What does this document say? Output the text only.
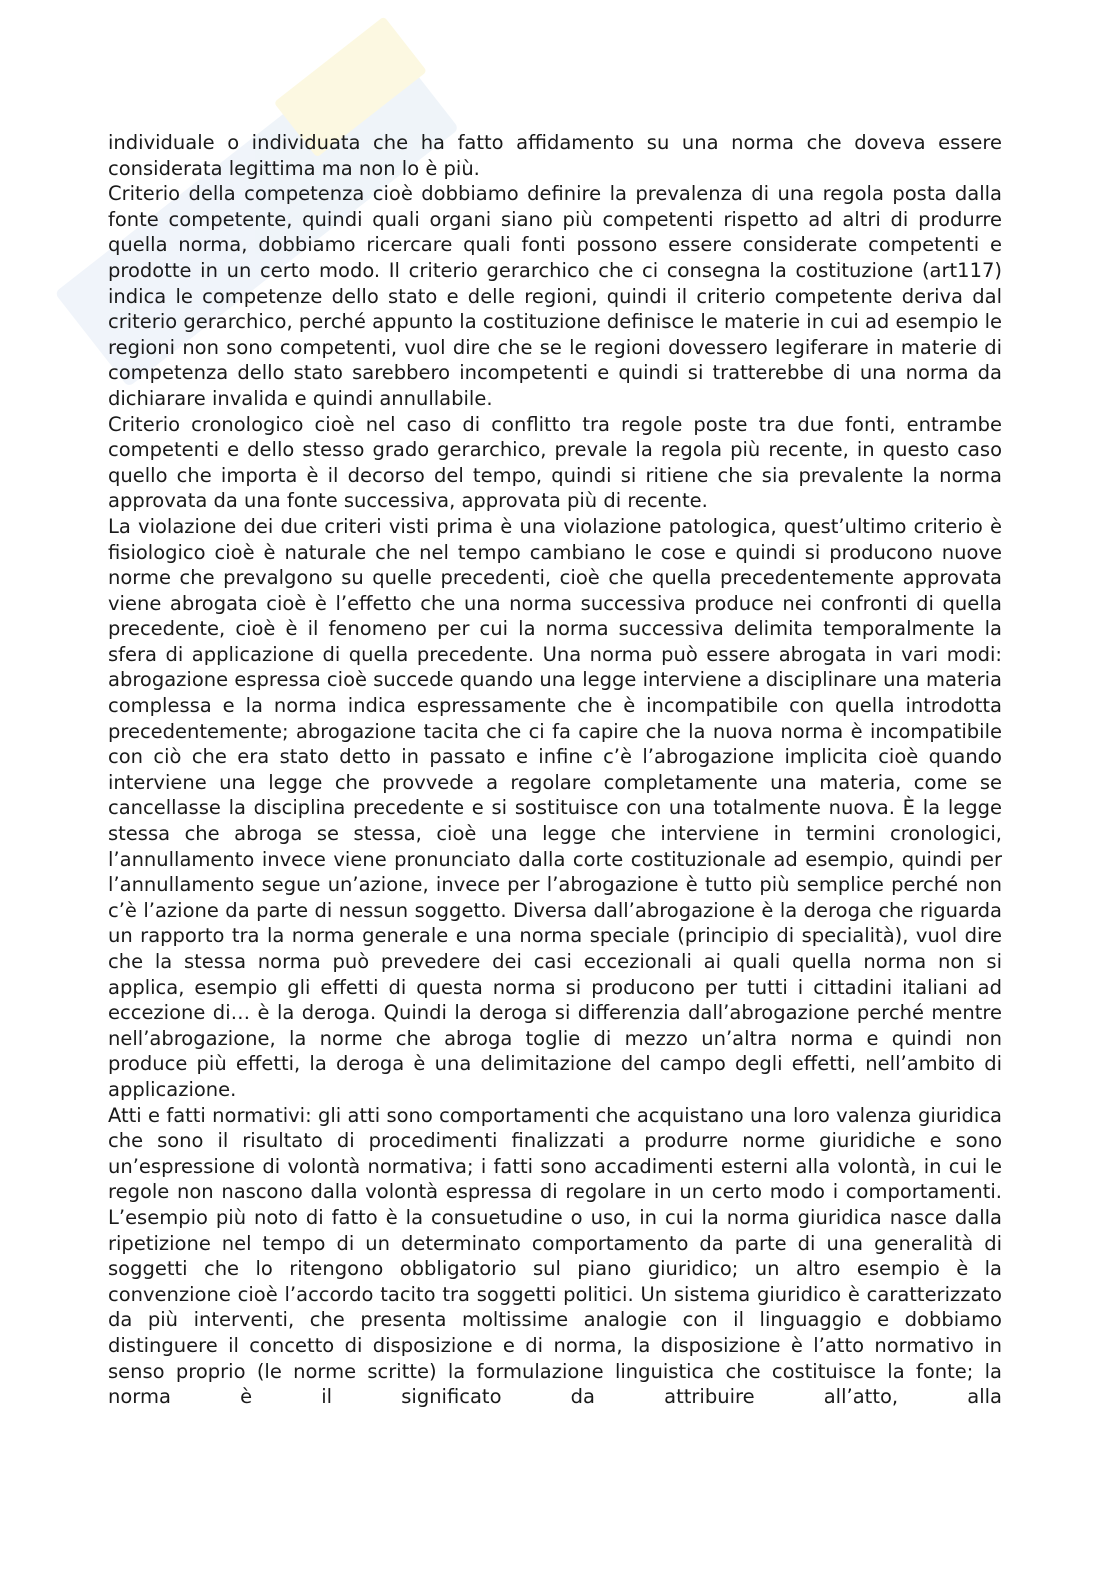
individuale o individuata che ha fatto affidamento su una norma che doveva essere considerata legittima ma non lo è più.

Criterio della competenza cioè dobbiamo definire la prevalenza di una regola posta dalla fonte competente, quindi quali organi siano più competenti rispetto ad altri di produrre quella norma, dobbiamo ricercare quali fonti possono essere considerate competenti e prodotte in un certo modo. Il criterio gerarchico che ci consegna la costituzione (art117) indica le competenze dello stato e delle regioni, quindi il criterio competente deriva dal criterio gerarchico, perché appunto la costituzione definisce le materie in cui ad esempio le regioni non sono competenti, vuol dire che se le regioni dovessero legiferare in materie di competenza dello stato sarebbero incompetenti e quindi si tratterebbe di una norma da dichiarare invalida e quindi annullabile.

Criterio cronologico cioè nel caso di conflitto tra regole poste tra due fonti, entrambe competenti e dello stesso grado gerarchico, prevale la regola più recente, in questo caso quello che importa è il decorso del tempo, quindi si ritiene che sia prevalente la norma approvata da una fonte successiva, approvata più di recente.

La violazione dei due criteri visti prima è una violazione patologica, quest’ultimo criterio è fisiologico cioè è naturale che nel tempo cambiano le cose e quindi si producono nuove norme che prevalgono su quelle precedenti, cioè che quella precedentemente approvata viene abrogata cioè è l’effetto che una norma successiva produce nei confronti di quella precedente, cioè è il fenomeno per cui la norma successiva delimita temporalmente la sfera di applicazione di quella precedente. Una norma può essere abrogata in vari modi: abrogazione espressa cioè succede quando una legge interviene a disciplinare una materia complessa e la norma indica espressamente che è incompatibile con quella introdotta precedentemente; abrogazione tacita che ci fa capire che la nuova norma è incompatibile con ciò che era stato detto in passato e infine c’è l’abrogazione implicita cioè quando interviene una legge che provvede a regolare completamente una materia, come se cancellasse la disciplina precedente e si sostituisce con una totalmente nuova. È la legge stessa che abroga se stessa, cioè una legge che interviene in termini cronologici, l’annullamento invece viene pronunciato dalla corte costituzionale ad esempio, quindi per l’annullamento segue un’azione, invece per l’abrogazione è tutto più semplice perché non c’è l’azione da parte di nessun soggetto. Diversa dall’abrogazione è la deroga che riguarda un rapporto tra la norma generale e una norma speciale (principio di specialità), vuol dire che la stessa norma può prevedere dei casi eccezionali ai quali quella norma non si applica, esempio gli effetti di questa norma si producono per tutti i cittadini italiani ad eccezione di… è la deroga. Quindi la deroga si differenzia dall’abrogazione perché mentre nell’abrogazione, la norme che abroga toglie di mezzo un’altra norma e quindi non produce più effetti, la deroga è una delimitazione del campo degli effetti, nell’ambito di applicazione.

Atti e fatti normativi: gli atti sono comportamenti che acquistano una loro valenza giuridica che sono il risultato di procedimenti finalizzati a produrre norme giuridiche e sono un’espressione di volontà normativa; i fatti sono accadimenti esterni alla volontà, in cui le regole non nascono dalla volontà espressa di regolare in un certo modo i comportamenti. L’esempio più noto di fatto è la consuetudine o uso, in cui la norma giuridica nasce dalla ripetizione nel tempo di un determinato comportamento da parte di una generalità di soggetti che lo ritengono obbligatorio sul piano giuridico; un altro esempio è la convenzione cioè l’accordo tacito tra soggetti politici. Un sistema giuridico è caratterizzato da più interventi, che presenta moltissime analogie con il linguaggio e dobbiamo distinguere il concetto di disposizione e di norma, la disposizione è l’atto normativo in senso proprio (le norme scritte) la formulazione linguistica che costituisce la fonte; la norma è il significato da attribuire all’atto, alla
